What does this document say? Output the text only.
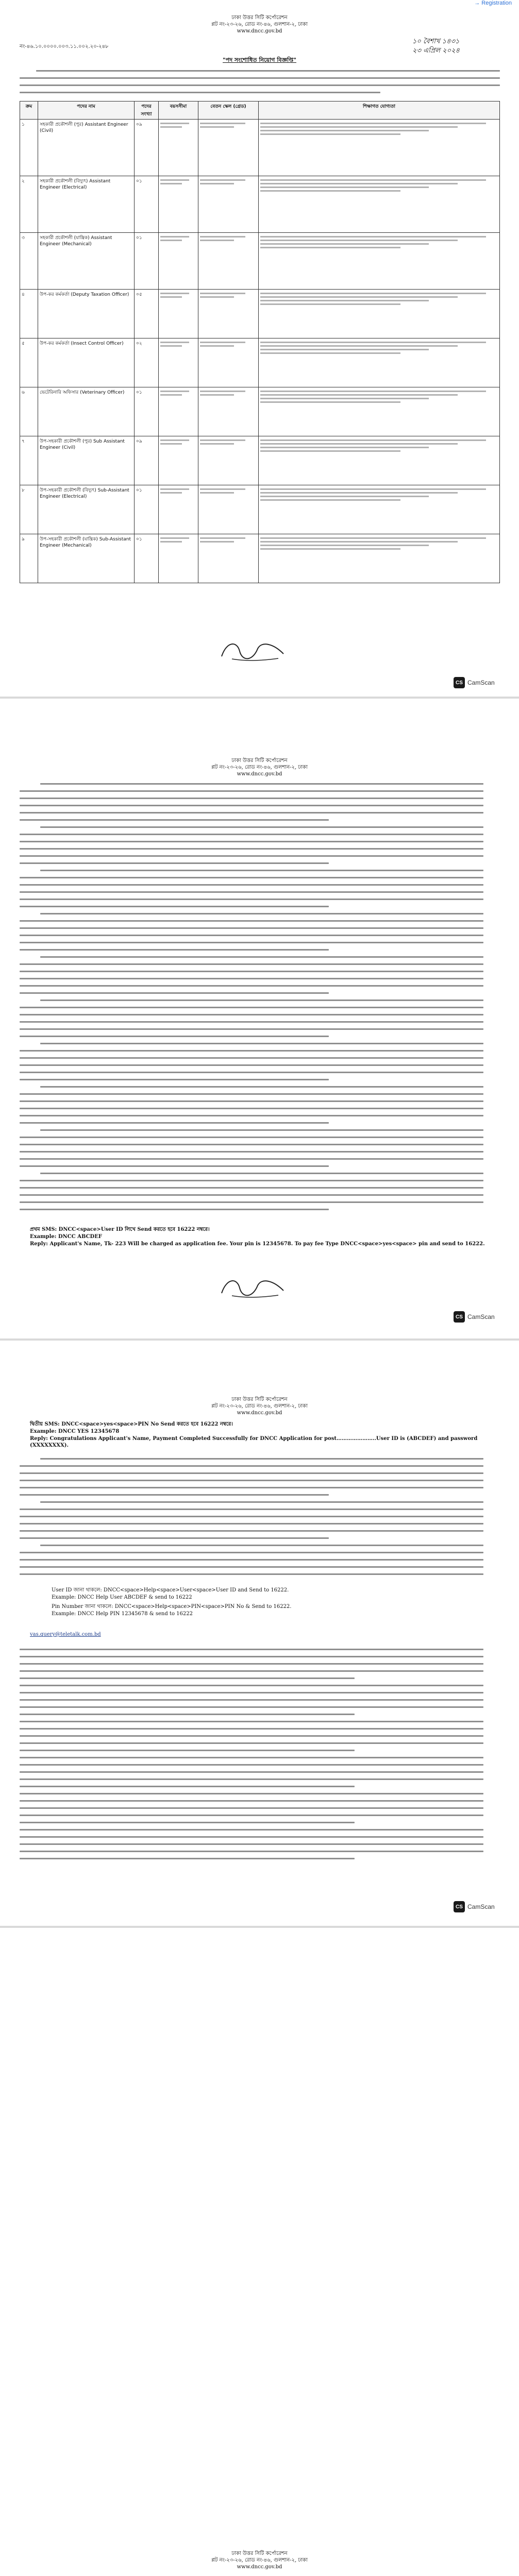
→ Registration
ঢাকা উত্তর সিটি কর্পোরেশন
প্লট নং-২৩-২৬, রোড নং-৪৬, গুলশান-২, ঢাকা
www.dncc.gov.bd
নং-৪৬.১০.০০০০.০০৩.১১.০০২.২০-২৪৮
১০ বৈশাখ ১৪৩১
২৩ এপ্রিল ২০২৪
"পদ সংশোধিত নিয়োগ বিজ্ঞপ্তি"
ক্রম	পদের নাম	পদের সংখ্যা	বয়সসীমা	বেতন স্কেল (গ্রেড)	শিক্ষাগত যোগ্যতা
১	সহকারী প্রকৌশলী (পুর) Assistant Engineer (Civil)	০৯	

২	সহকারী প্রকৌশলী (বিদ্যুৎ) Assistant Engineer (Electrical)	০১	

৩	সহকারী প্রকৌশলী (যান্ত্রিক) Assistant Engineer (Mechanical)	০১	

৪	উপ-কর কর্মকর্তা (Deputy Taxation Officer)	০৫	

৫	উপ-কর কর্মকর্তা (Insect Control Officer)	০২	

৬	ভেটেরিনারি অফিসার (Veterinary Officer)	০১	

৭	উপ-সহকারী প্রকৌশলী (পুর) Sub Assistant Engineer (Civil)	০৯	

৮	উপ-সহকারী প্রকৌশলী (বিদ্যুৎ) Sub-Assistant Engineer (Electrical)	০১	

৯	উপ-সহকারী প্রকৌশলী (যান্ত্রিক) Sub-Assistant Engineer (Mechanical)	০১	

CS CamScan
ঢাকা উত্তর সিটি কর্পোরেশন
প্লট নং-২৩-২৬, রোড নং-৪৬, গুলশান-২, ঢাকা
www.dncc.gov.bd
প্রথম SMS: DNCC<space>User ID লিখে Send করতে হবে 16222 নম্বরে।
Example: DNCC ABCDEF
Reply: Applicant's Name, Tk- 223 Will be charged as application fee. Your pin is 12345678. To pay fee Type DNCC<space>yes<space> pin and send to 16222.
CS CamScan
ঢাকা উত্তর সিটি কর্পোরেশন
প্লট নং-২৩-২৬, রোড নং-৪৬, গুলশান-২, ঢাকা
www.dncc.gov.bd
দ্বিতীয় SMS: DNCC<space>yes<space>PIN No Send করতে হবে 16222 নম্বরে।
Example: DNCC YES 12345678
Reply: Congratulations Applicant's Name, Payment Completed Successfully for DNCC Application for post…………………..User ID is (ABCDEF) and password (XXXXXXXX).
User ID জানা থাকলে: DNCC<space>Help<space>User<space>User ID and Send to 16222.
Example: DNCC Help User ABCDEF & send to 16222
Pin Number জানা থাকলে: DNCC<space>Help<space>PIN<space>PIN No & Send to 16222.
Example: DNCC Help PIN 12345678 & send to 16222
vas.query@teletalk.com.bd
CS CamScan
ঢাকা উত্তর সিটি কর্পোরেশন
প্লট নং-২৩-২৬, রোড নং-৪৬, গুলশান-২, ঢাকা
www.dncc.gov.bd
